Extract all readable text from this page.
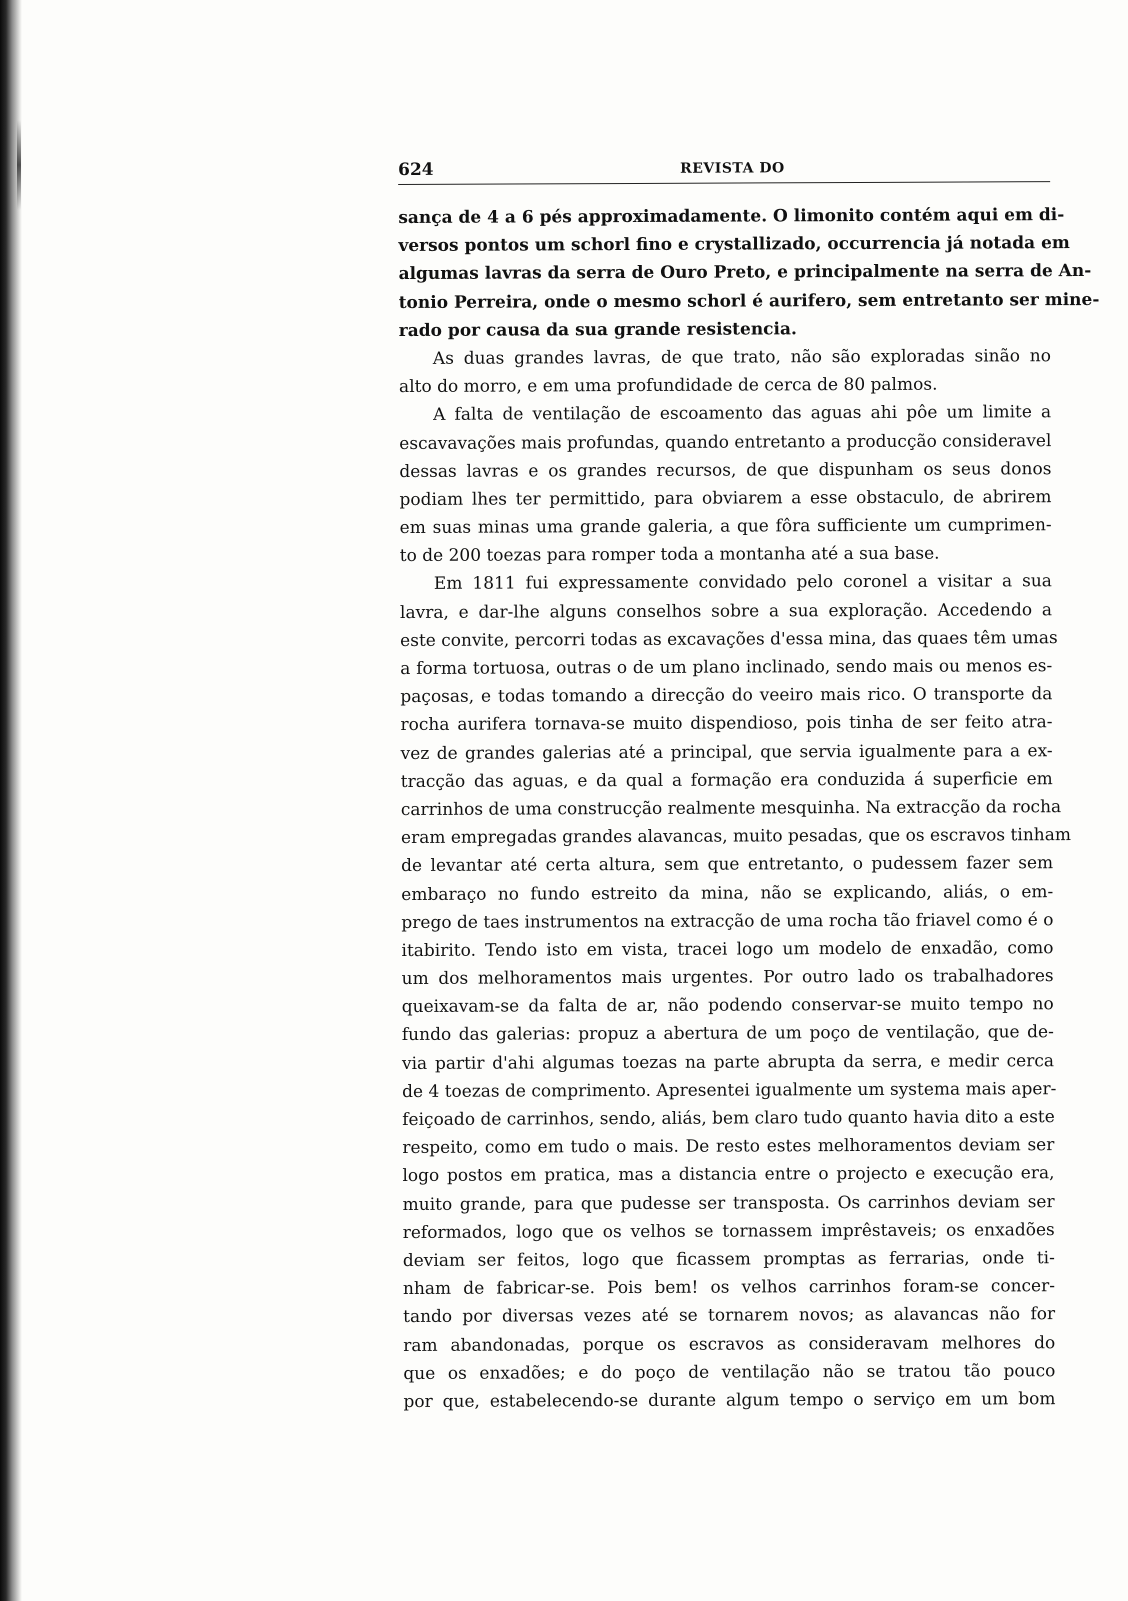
624	REVISTA DO
sança de 4 a 6 pés approximadamente. O limonito contém aqui em di-
versos pontos um schorl fino e crystallizado, occurrencia já notada em
algumas lavras da serra de Ouro Preto, e principalmente na serra de An-
tonio Perreira, onde o mesmo schorl é aurifero, sem entretanto ser mine-
rado por causa da sua grande resistencia.
As duas grandes lavras, de que trato, não são exploradas sinão no
alto do morro, e em uma profundidade de cerca de 80 palmos.
A falta de ventilação de escoamento das aguas ahi pôe um limite a
escavavações mais profundas, quando entretanto a producção consideravel
dessas lavras e os grandes recursos, de que dispunham os seus donos
podiam lhes ter permittido, para obviarem a esse obstaculo, de abrirem
em suas minas uma grande galeria, a que fôra sufficiente um cumprimen-
to de 200 toezas para romper toda a montanha até a sua base.
Em 1811 fui expressamente convidado pelo coronel a visitar a sua
lavra, e dar-lhe alguns conselhos sobre a sua exploração. Accedendo a
este convite, percorri todas as excavações d'essa mina, das quaes têm umas
a forma tortuosa, outras o de um plano inclinado, sendo mais ou menos es-
paçosas, e todas tomando a direcção do veeiro mais rico. O transporte da
rocha aurifera tornava-se muito dispendioso, pois tinha de ser feito atra-
vez de grandes galerias até a principal, que servia igualmente para a ex-
tracção das aguas, e da qual a formação era conduzida á superficie em
carrinhos de uma construcção realmente mesquinha. Na extracção da rocha
eram empregadas grandes alavancas, muito pesadas, que os escravos tinham
de levantar até certa altura, sem que entretanto, o pudessem fazer sem
embaraço no fundo estreito da mina, não se explicando, aliás, o em-
prego de taes instrumentos na extracção de uma rocha tão friavel como é o
itabirito. Tendo isto em vista, tracei logo um modelo de enxadão, como
um dos melhoramentos mais urgentes. Por outro lado os trabalhadores
queixavam-se da falta de ar, não podendo conservar-se muito tempo no
fundo das galerias: propuz a abertura de um poço de ventilação, que de-
via partir d'ahi algumas toezas na parte abrupta da serra, e medir cerca
de 4 toezas de comprimento. Apresentei igualmente um systema mais aper-
feiçoado de carrinhos, sendo, aliás, bem claro tudo quanto havia dito a este
respeito, como em tudo o mais. De resto estes melhoramentos deviam ser
logo postos em pratica, mas a distancia entre o projecto e execução era,
muito grande, para que pudesse ser transposta. Os carrinhos deviam ser
reformados, logo que os velhos se tornassem imprêstaveis; os enxadões
deviam ser feitos, logo que ficassem promptas as ferrarias, onde ti-
nham de fabricar-se. Pois bem! os velhos carrinhos foram-se concer-
tando por diversas vezes até se tornarem novos; as alavancas não for
ram abandonadas, porque os escravos as consideravam melhores do
que os enxadões; e do poço de ventilação não se tratou tão pouco
por que, estabelecendo-se durante algum tempo o serviço em um bom
